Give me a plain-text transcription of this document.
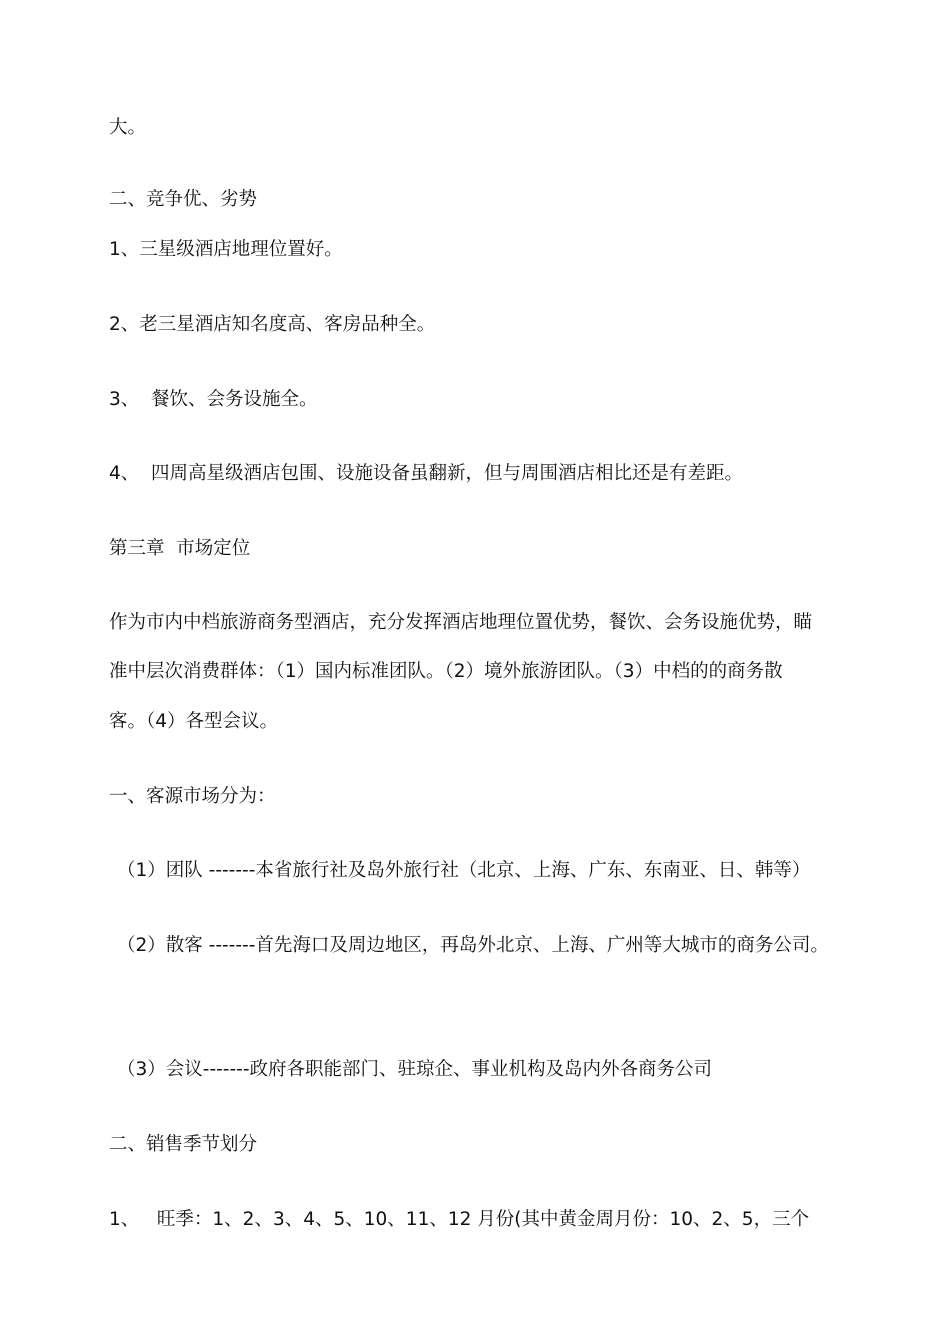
大。
二、竞争优、劣势
1、三星级酒店地理位置好。
2、老三星酒店知名度高、客房品种全。
3、  餐饮、会务设施全。
4、  四周高星级酒店包围、设施设备虽翻新，但与周围酒店相比还是有差距。
第三章  市场定位
作为市内中档旅游商务型酒店，充分发挥酒店地理位置优势，餐饮、会务设施优势，瞄
准中层次消费群体：（1）国内标准团队。（2）境外旅游团队。（3）中档的的商务散
客。（4）各型会议。
一、客源市场分为：
（1）团队 -------本省旅行社及岛外旅行社（北京、上海、广东、东南亚、日、韩等）
（2）散客 -------首先海口及周边地区，再岛外北京、上海、广州等大城市的商务公司。
（3）会议-------政府各职能部门、驻琼企、事业机构及岛内外各商务公司
二、销售季节划分
1、   旺季：1、2、3、4、5、10、11、12 月份(其中黄金周月份：10、2、5，三个
